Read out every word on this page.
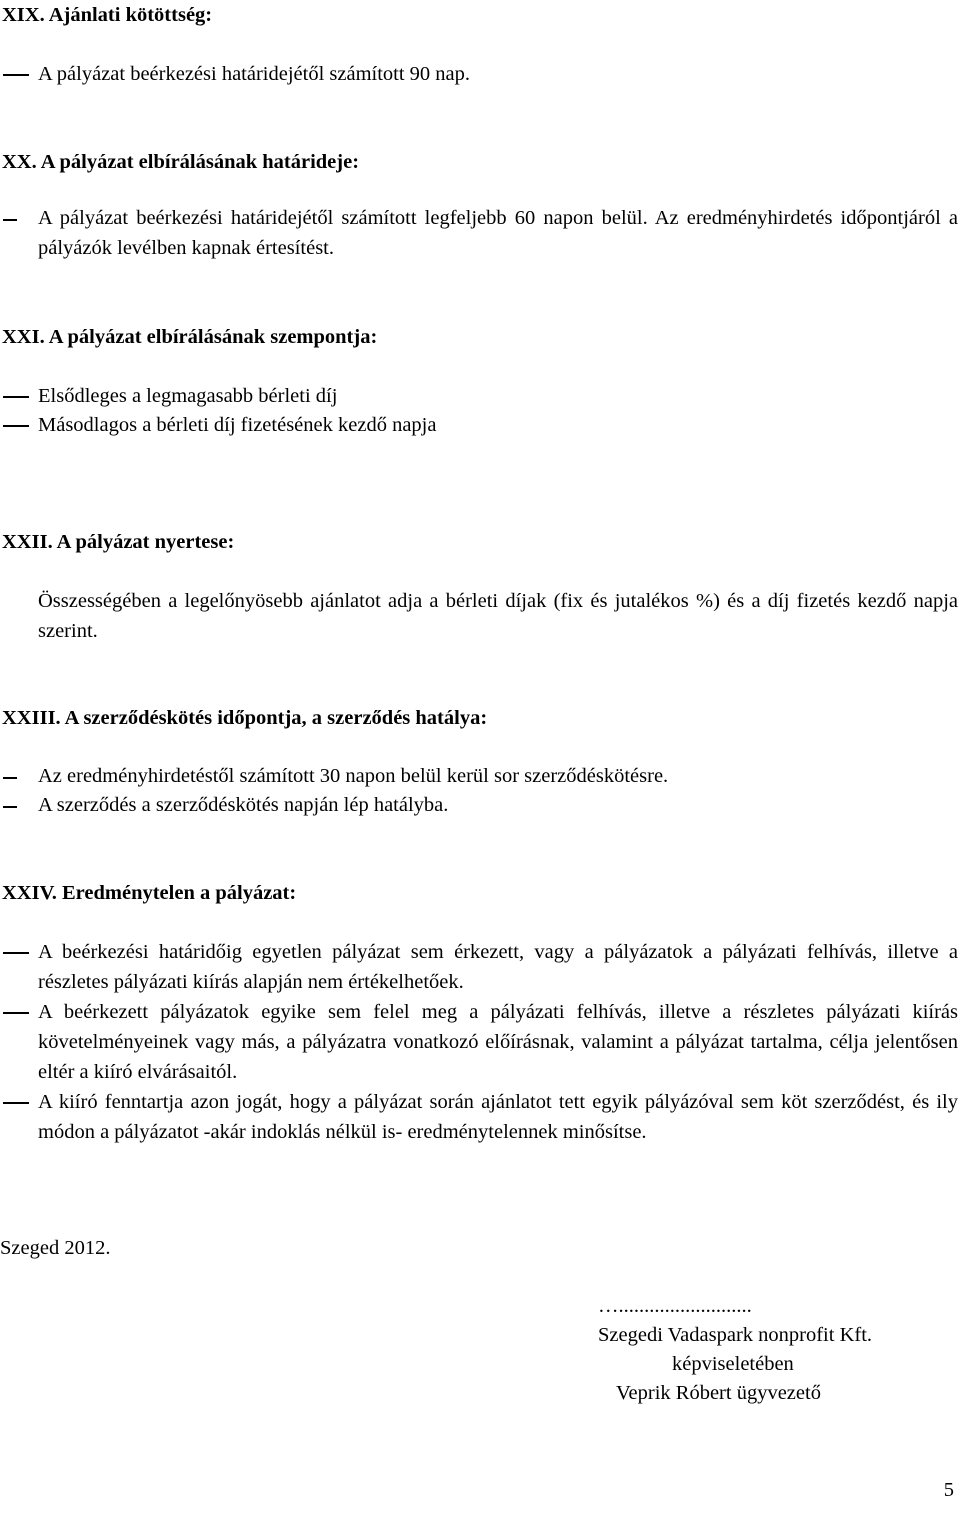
XIX. Ajánlati kötöttség:
A pályázat beérkezési határidejétől számított 90 nap.
XX. A pályázat elbírálásának határideje:
A pályázat beérkezési határidejétől számított legfeljebb 60 napon belül. Az eredményhirdetés időpontjáról a pályázók levélben kapnak értesítést.
XXI. A pályázat elbírálásának szempontja:
Elsődleges a legmagasabb bérleti díj
Másodlagos a bérleti díj fizetésének kezdő napja
XXII. A pályázat nyertese:
Összességében a legelőnyösebb ajánlatot adja a bérleti díjak (fix és jutalékos %) és a díj fizetés kezdő napja szerint.
XXIII. A szerződéskötés időpontja, a szerződés hatálya:
Az eredményhirdetéstől számított 30 napon belül kerül sor szerződéskötésre.
A szerződés a szerződéskötés napján lép hatályba.
XXIV. Eredménytelen a pályázat:
A beérkezési határidőig egyetlen pályázat sem érkezett, vagy a pályázatok a pályázati felhívás, illetve a részletes pályázati kiírás alapján nem értékelhetőek.
A beérkezett pályázatok egyike sem felel meg a pályázati felhívás, illetve a részletes pályázati kiírás követelményeinek vagy más, a pályázatra vonatkozó előírásnak, valamint a pályázat tartalma, célja jelentősen eltér a kiíró elvárásaitól.
A kiíró fenntartja azon jogát, hogy a pályázat során ajánlatot tett egyik pályázóval sem köt szerződést, és ily módon a pályázatot -akár indoklás nélkül is- eredménytelennek minősítse.
Szeged 2012.
…..........................
Szegedi Vadaspark nonprofit Kft.
képviseletében
Veprik Róbert ügyvezető
5
